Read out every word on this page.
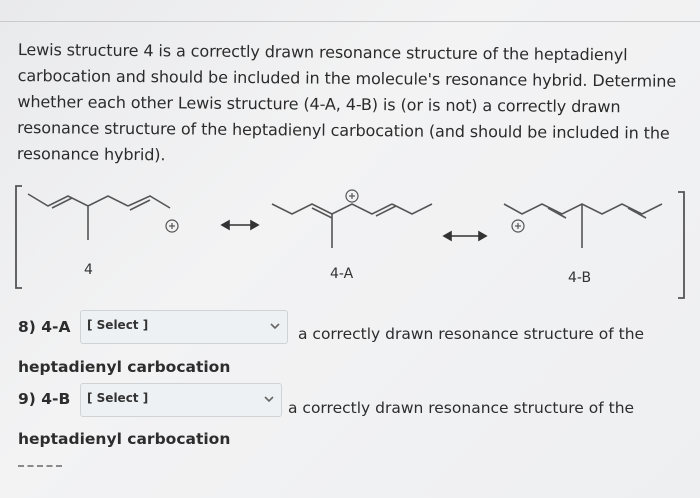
Lewis structure 4 is a correctly drawn resonance structure of the heptadienyl
carbocation and should be included in the molecule's resonance hybrid. Determine
whether each other Lewis structure (4-A, 4-B) is (or is not) a correctly drawn
resonance structure of the heptadienyl carbocation (and should be included in the
resonance hybrid).
4	4-A	4-B
8) 4-A [ Select ]	a correctly drawn resonance structure of the
heptadienyl carbocation
9) 4-B [ Select ]
a correctly drawn resonance structure of the
heptadienyl carbocation
